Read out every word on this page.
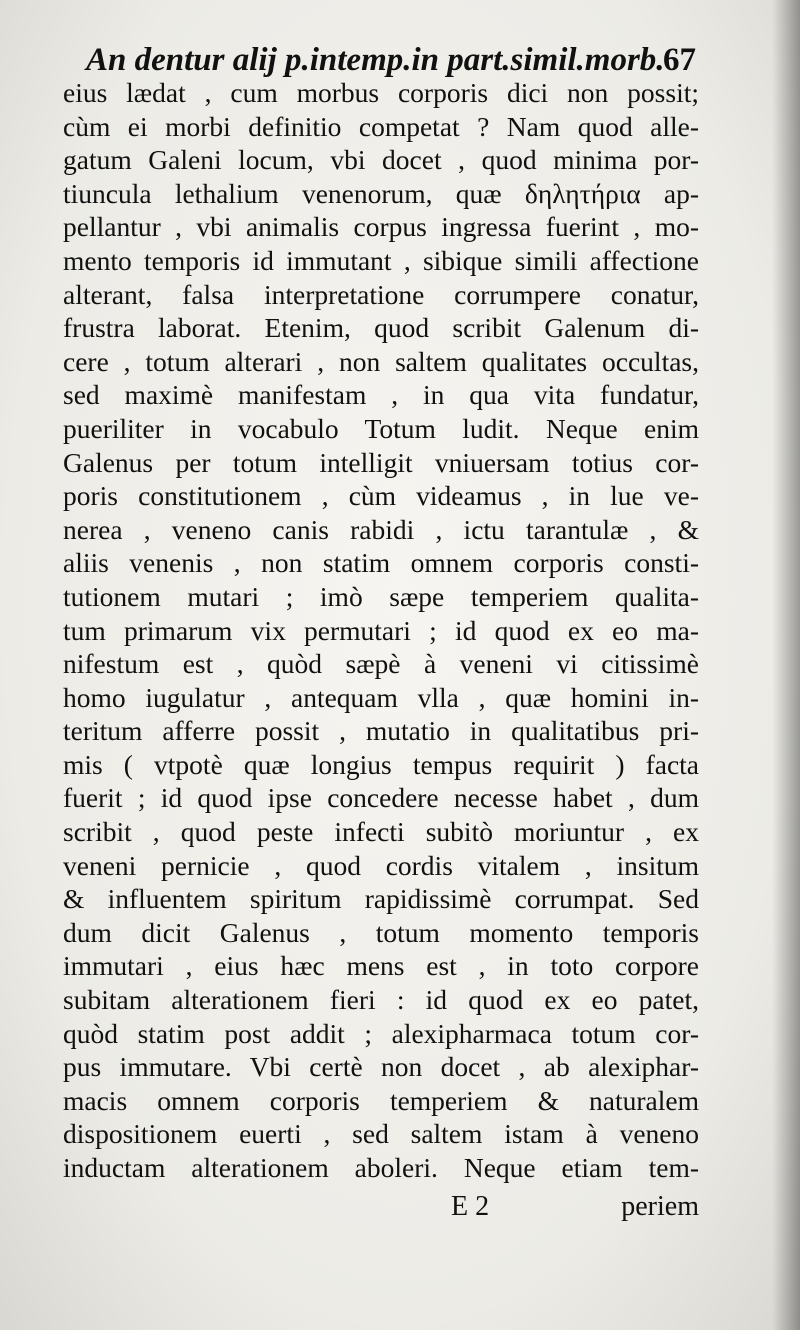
An dentur alij p.intemp.in part.simil.morb.
67
eius lædat , cum morbus corporis dici non possit;
cùm ei morbi definitio competat ? Nam quod alle-
gatum Galeni locum, vbi docet , quod minima por-
tiuncula lethalium venenorum, quæ δηλητήρια ap-
pellantur , vbi animalis corpus ingressa fuerint , mo-
mento temporis id immutant , sibique simili affectione
alterant, falsa interpretatione corrumpere conatur,
frustra laborat. Etenim, quod scribit Galenum di-
cere , totum alterari , non saltem qualitates occultas,
sed maximè manifestam , in qua vita fundatur,
pueriliter in vocabulo Totum ludit. Neque enim
Galenus per totum intelligit vniuersam totius cor-
poris constitutionem , cùm videamus , in lue ve-
nerea , veneno canis rabidi , ictu tarantulæ , &
aliis venenis , non statim omnem corporis consti-
tutionem mutari ; imò sæpe temperiem qualita-
tum primarum vix permutari ; id quod ex eo ma-
nifestum est , quòd sæpè à veneni vi citissimè
homo iugulatur , antequam vlla , quæ homini in-
teritum afferre possit , mutatio in qualitatibus pri-
mis ( vtpotè quæ longius tempus requirit ) facta
fuerit ; id quod ipse concedere necesse habet , dum
scribit , quod peste infecti subitò moriuntur , ex
veneni pernicie , quod cordis vitalem , insitum
& influentem spiritum rapidissimè corrumpat. Sed
dum dicit Galenus , totum momento temporis
immutari , eius hæc mens est , in toto corpore
subitam alterationem fieri : id quod ex eo patet,
quòd statim post addit ; alexipharmaca totum cor-
pus immutare. Vbi certè non docet , ab alexiphar-
macis omnem corporis temperiem & naturalem
dispositionem euerti , sed saltem istam à veneno
inductam alterationem aboleri. Neque etiam tem-
E 2	periem
